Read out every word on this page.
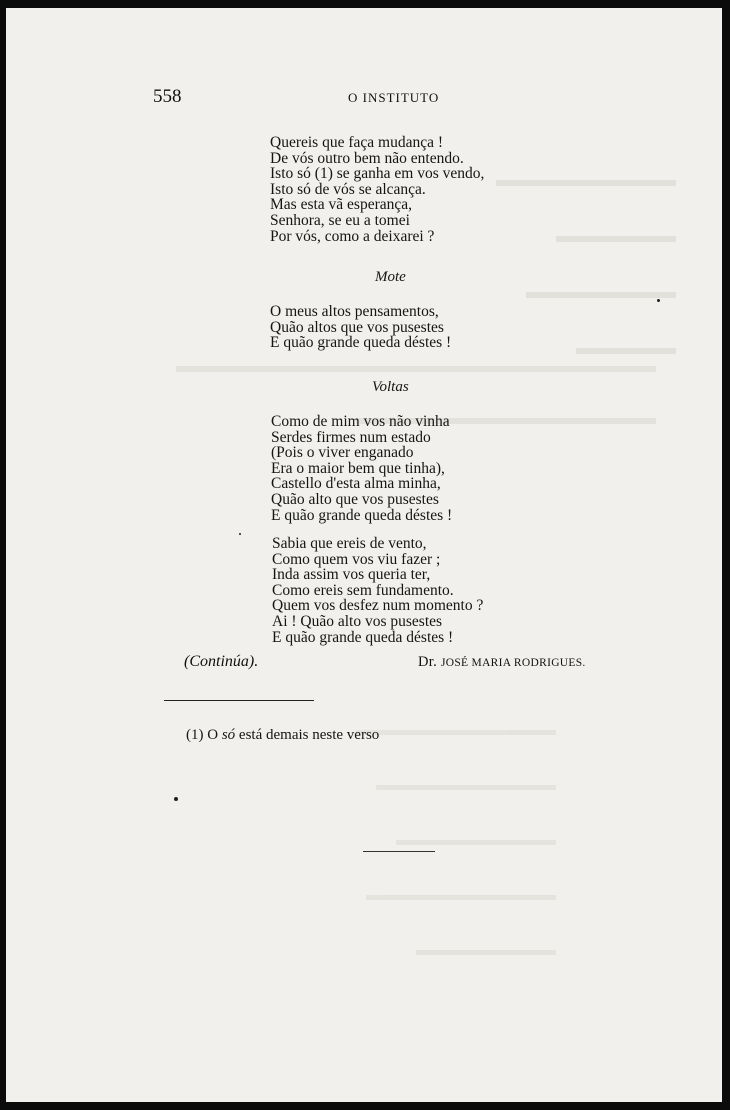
558	O INSTITUTO
Quereis que faça mudança !
De vós outro bem não entendo.
Isto só (1) se ganha em vos vendo,
Isto só de vós se alcança.
Mas esta vã esperança,
Senhora, se eu a tomei
Por vós, como a deixarei ?
Mote
O meus altos pensamentos,
Quão altos que vos pusestes
E quão grande queda déstes !
Voltas
Como de mim vos não vinha
Serdes firmes num estado
(Pois o viver enganado
Era o maior bem que tinha),
Castello d'esta alma minha,
Quão alto que vos pusestes
E quão grande queda déstes !
Sabia que ereis de vento,
Como quem vos viu fazer ;
Inda assim vos queria ter,
Como ereis sem fundamento.
Quem vos desfez num momento ?
Ai ! Quão alto vos pusestes
E quão grande queda déstes !
(Continúa).	Dr. JOSÉ MARIA RODRIGUES.
(1) O só está demais neste verso
